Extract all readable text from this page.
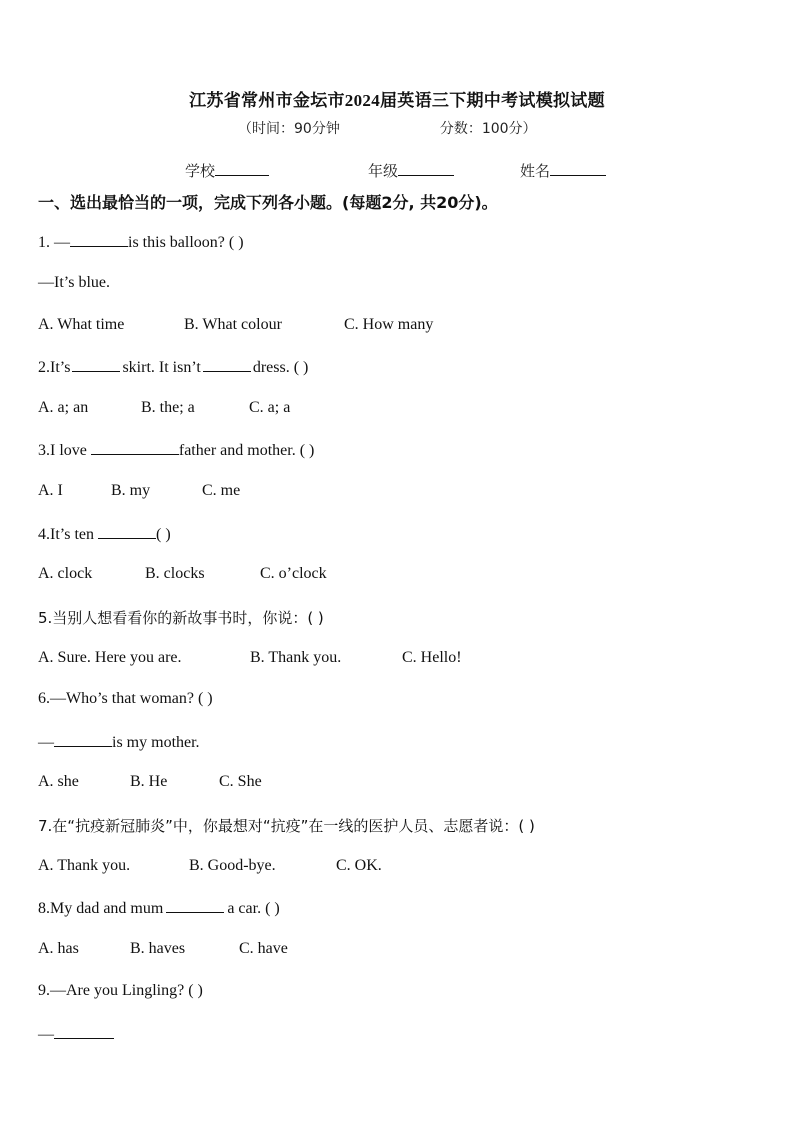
江苏省常州市金坛市2024届英语三下期中考试模拟试题
（时间：90分钟	分数：100分）
学校	年级	姓名
一、选出最恰当的一项，完成下列各小题。(每题2分, 共20分)。
1. —	is this balloon? ( )
—It’s blue.
A. What time	B. What colour	C. How many
2.It’s	skirt. It isn’t	dress. ( )
A. a; an	B. the; a	C. a; a
3.I love	father and mother. ( )
A. I	B. my	C. me
4.It’s ten	( )
A. clock	B. clocks	C. o’clock
5.当别人想看看你的新故事书时，你说：( )
A. Sure. Here you are.	B. Thank you.	C. Hello!
6.—Who’s that woman? ( )
—	is my mother.
A. she	B. He	C. She
7.在“抗疫新冠肺炎”中，你最想对“抗疫”在一线的医护人员、志愿者说：( )
A. Thank you.	B. Good-bye.	C. OK.
8.My dad and mum	a car. ( )
A. has	B. haves	C. have
9.—Are you Lingling? ( )
—
